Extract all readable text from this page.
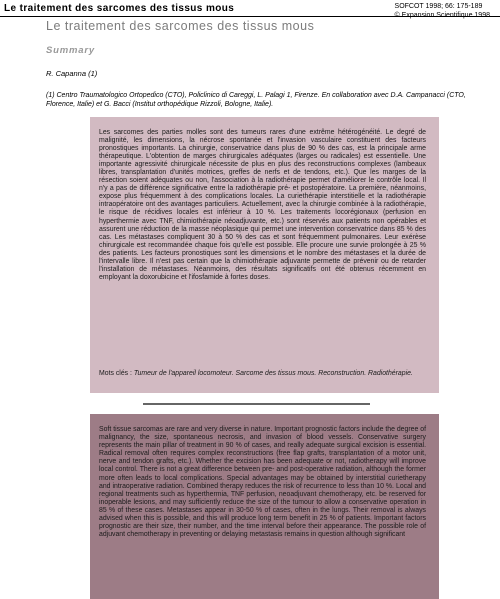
Le traitement des sarcomes des tissus mous	SOFCOT 1998; 66: 175-189
Le traitement des sarcomes des tissus mous
Summary
R. Capanna (1)
(1) Centro Traumatologico Ortopedico (CTO), Policlinico di Careggi, L. Palagi 1, Firenze. En collaboration avec D.A. Campanacci (CTO, Florence, Italie) et G. Bacci (Institut orthopédique Rizzoli, Bologne, Italie).
Les sarcomes des parties molles sont des tumeurs rares d'une extrême hétérogénéité. Le degré de malignité, les dimensions, la nécrose spontanée et l'invasion vasculaire constituent des facteurs pronostiques importants. La chirurgie, conservatrice dans plus de 90 % des cas, est la principale arme thérapeutique. L'obtention de marges chirurgicales adéquates (larges ou radicales) est essentielle. Une importante agressivité chirurgicale nécessite de plus en plus des reconstructions complexes (lambeaux libres, transplantation d'unités motrices, greffes de nerfs et de tendons, etc.). Que les marges de la résection soient adéquates ou non, l'association à la radiothérapie permet d'améliorer le contrôle local. Il n'y a pas de différence significative entre la radiothérapie pré- et postopératoire. La première, néanmoins, expose plus fréquemment à des complications locales. La curiethérapie interstitielle et la radiothérapie intraopératoire ont des avantages particuliers. Actuellement, avec la chirurgie combinée à la radiothérapie, le risque de récidives locales est inférieur à 10 %. Les traitements locorégionaux (perfusion en hyperthermie avec TNF, chimiothérapie néoadjuvante, etc.) sont réservés aux patients non opérables et assurent une réduction de la masse néoplasique qui permet une intervention conservatrice dans 85 % des cas. Les métastases compliquent 30 à 50 % des cas et sont fréquemment pulmonaires. Leur exérèse chirurgicale est recommandée chaque fois qu'elle est possible. Elle procure une survie prolongée à 25 % des patients. Les facteurs pronostiques sont les dimensions et le nombre des métastases et la durée de l'intervalle libre. Il n'est pas certain que la chimiothérapie adjuvante permette de prévenir ou de retarder l'installation de métastases. Néanmoins, des résultats significatifs ont été obtenus récemment en employant la doxorubicine et l'ifosfamide à fortes doses.
Mots clés : Tumeur de l'appareil locomoteur. Sarcome des tissus mous. Reconstruction. Radiothérapie.
Soft tissue sarcomas are rare and very diverse in nature. Important prognostic factors include the degree of malignancy, the size, spontaneous necrosis, and invasion of blood vessels. Conservative surgery represents the main pillar of treatment in 90 % of cases, and really adequate surgical excision is essential. Radical removal often requires complex reconstructions (free flap grafts, transplantation of a motor unit, nerve and tendon grafts, etc.). Whether the excision has been adequate or not, radiotherapy will improve local control. There is not a great difference between pre- and post-operative radiation, although the former more often leads to local complications. Special advantages may be obtained by interstitial curietherapy and intraoperative radiation. Combined therapy reduces the risk of recurrence to less than 10 %. Local and regional treatments such as hyperthermia, TNF perfusion, neoadjuvant chemotherapy, etc. be reserved for inoperable lesions, and may sufficiently reduce the size of the tumour to allow a conservative operation in 85 % of these cases. Metastases appear in 30-50 % of cases, often in the lungs. Their removal is always advised when this is possible, and this will produce long term benefit in 25 % of patients. Important factors prognostic are their size, their number, and the time interval before their appearance. The possible role of adjuvant chemotherapy in preventing or delaying metastasis remains in question although significant
